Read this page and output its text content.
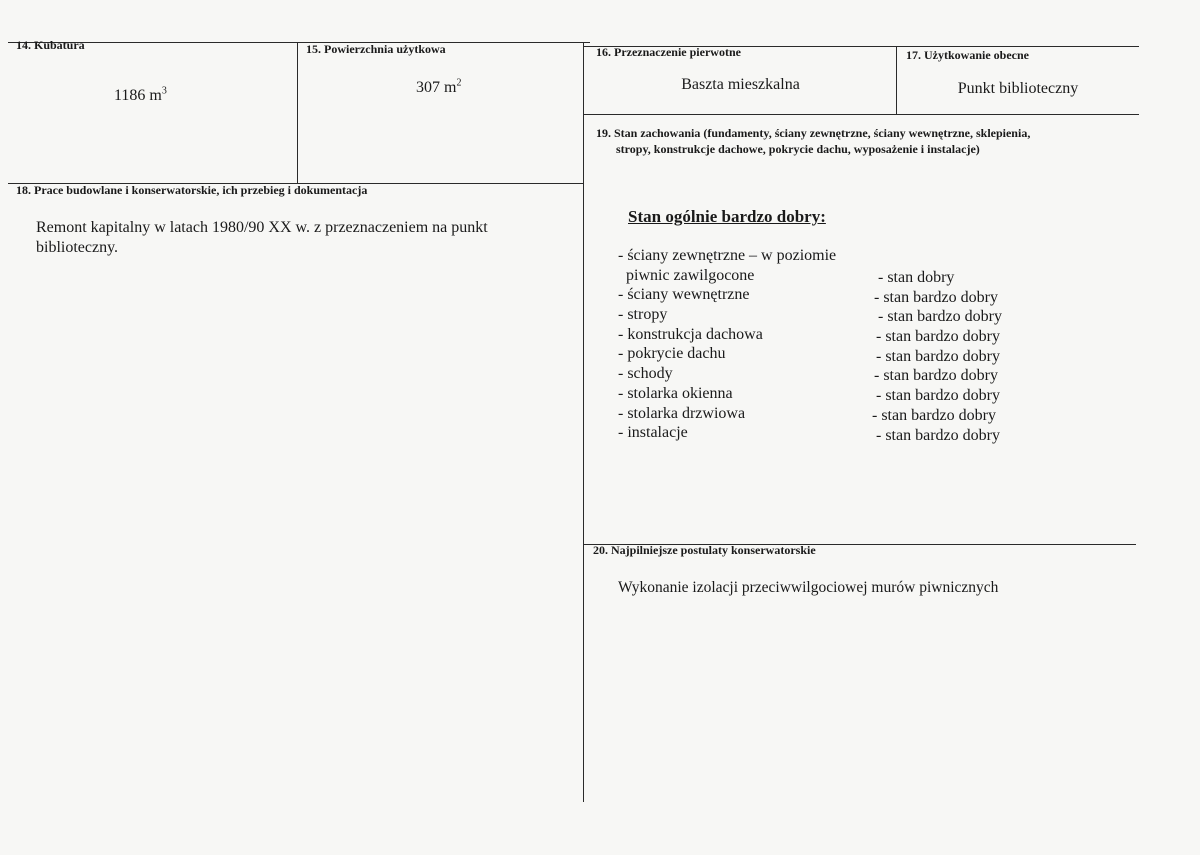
14. Kubatura
1186 $m^3$
15. Powierzchnia użytkowa
307 $m^2$
16. Przeznaczenie pierwotne
Baszta mieszkalna
17. Użytkowanie obecne
Punkt biblioteczny
18. Prace budowlane i konserwatorskie, ich przebieg i dokumentacja
Remont kapitalny w latach 1980/90 XX w. z przeznaczeniem na punkt
biblioteczny.
19. Stan zachowania (fundamenty, ściany zewnętrzne, ściany wewnętrzne, sklepienia,
stropy, konstrukcje dachowe, pokrycie dachu, wyposażenie i instalacje)
Stan ogólnie bardzo dobry:
- ściany zewnętrzne – w poziomie
piwnic zawilgocone
- ściany wewnętrzne
- stropy
- konstrukcja dachowa
- pokrycie dachu
- schody
- stolarka okienna
- stolarka drzwiowa
- instalacje
- stan dobry
- stan bardzo dobry
- stan bardzo dobry
- stan bardzo dobry
- stan bardzo dobry
- stan bardzo dobry
- stan bardzo dobry
- stan bardzo dobry
- stan bardzo dobry
20. Najpilniejsze postulaty konserwatorskie
Wykonanie izolacji przeciwwilgociowej murów piwnicznych
